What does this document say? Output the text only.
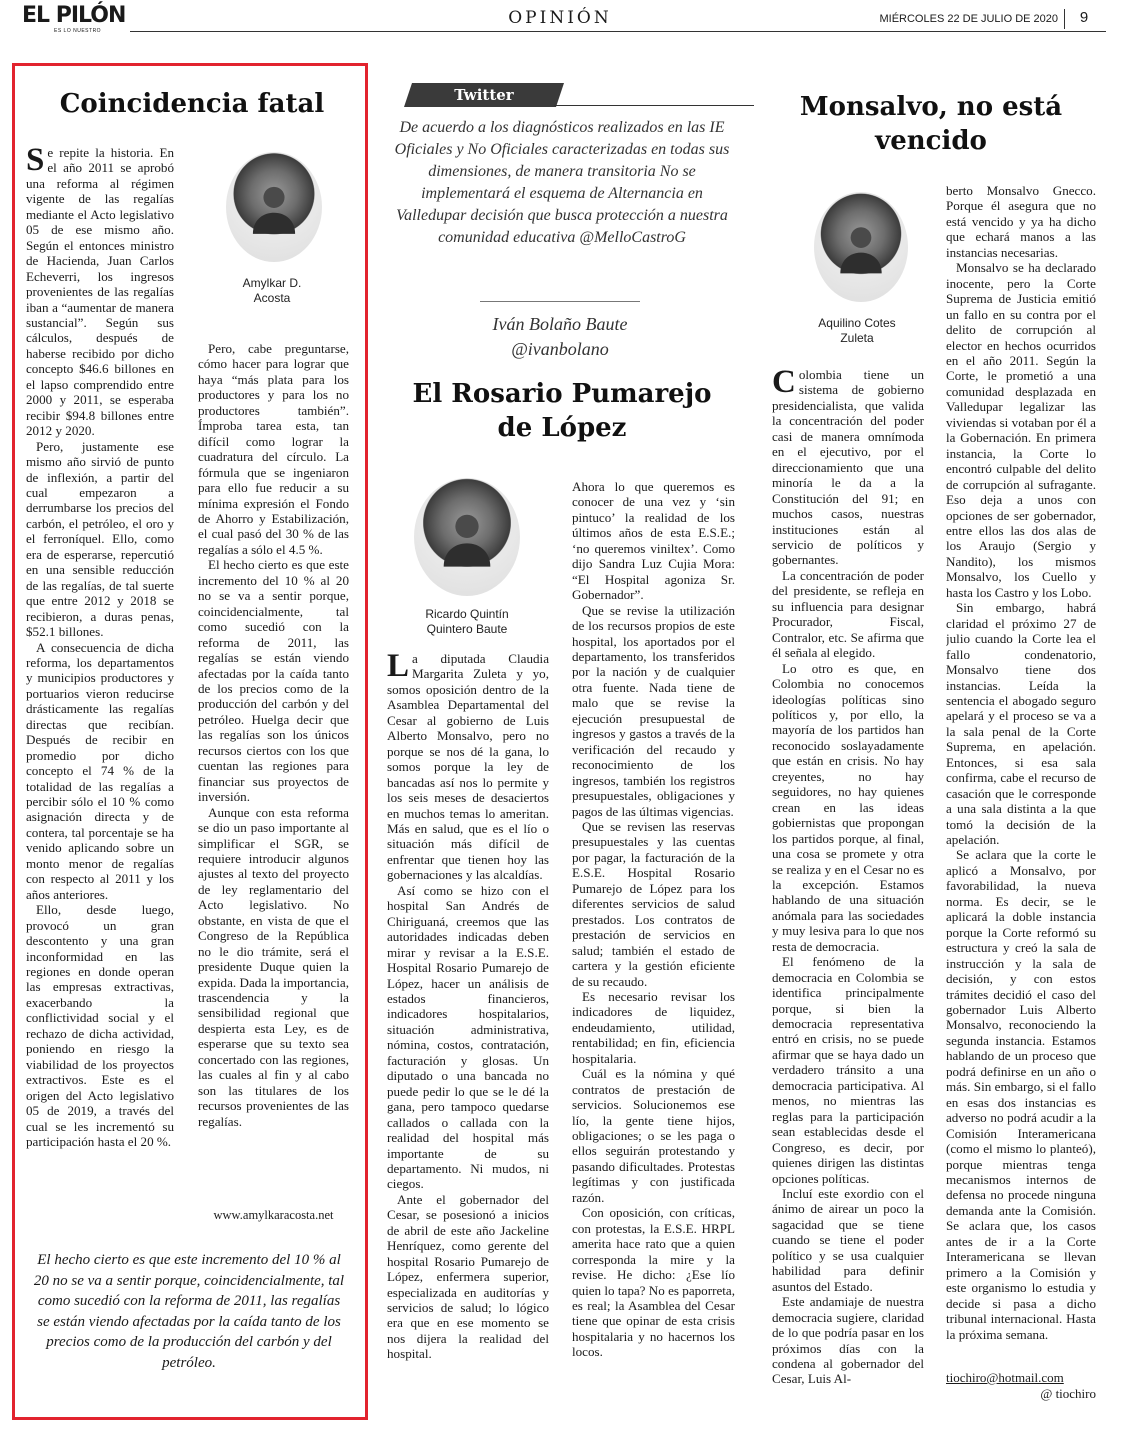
EL PILÓN
ES LO NUESTRO
OPINIÓN	MIÉRCOLES 22 DE JULIO DE 2020	9
Coincidencia fatal
Amylkar D.
Acosta

Se repite la historia. En el año 2011 se aprobó una reforma al régimen vigente de las regalías mediante el Acto legislativo 05 de ese mismo año. Según el entonces ministro de Hacienda, Juan Carlos Echeverri, los ingresos provenientes de las regalías iban a “aumentar de manera sustancial”. Según sus cálculos, después de haberse recibido por dicho concepto $46.6 billones en el lapso comprendido entre 2000 y 2011, se esperaba recibir $94.8 billones entre 2012 y 2020.

Pero, justamente ese mismo año sirvió de punto de inflexión, a partir del cual empezaron a derrumbarse los precios del carbón, el petróleo, el oro y el ferroníquel. Ello, como era de esperarse, repercutió en una sensible reducción de las regalías, de tal suerte que entre 2012 y 2018 se recibieron, a duras penas, $52.1 billones.

A consecuencia de dicha reforma, los departamentos y municipios productores y portuarios vieron reducirse drásticamente las regalías directas que recibían. Después de recibir en promedio por dicho concepto el 74 % de la totalidad de las regalías a percibir sólo el 10 % como asignación directa y de contera, tal porcentaje se ha venido aplicando sobre un monto menor de regalías con respecto al 2011 y los años anteriores.

Ello, desde luego, provocó un gran descontento y una gran inconformidad en las regiones en donde operan las empresas extractivas, exacerbando la conflictividad social y el rechazo de dicha actividad, poniendo en riesgo la viabilidad de los proyectos extractivos. Este es el origen del Acto legislativo 05 de 2019, a través del cual se les incrementó su participación hasta el 20 %.

Pero, cabe preguntarse, cómo hacer para lograr que haya “más plata para los productores y para los no productores también”. Ímproba tarea esta, tan difícil como lograr la cuadratura del círculo. La fórmula que se ingeniaron para ello fue reducir a su mínima expresión el Fondo de Ahorro y Estabilización, el cual pasó del 30 % de las regalías a sólo el 4.5 %.

El hecho cierto es que este incremento del 10 % al 20 no se va a sentir porque, coincidencialmente, tal como sucedió con la reforma de 2011, las regalías se están viendo afectadas por la caída tanto de los precios como de la producción del carbón y del petróleo. Huelga decir que las regalías son los únicos recursos ciertos con los que cuentan las regiones para financiar sus proyectos de inversión.

Aunque con esta reforma se dio un paso importante al simplificar el SGR, se requiere introducir algunos ajustes al texto del proyecto de ley reglamentario del Acto legislativo. No obstante, en vista de que el Congreso de la República no le dio trámite, será el presidente Duque quien la expida. Dada la importancia, trascendencia y la sensibilidad regional que despierta esta Ley, es de esperarse que su texto sea concertado con las regiones, las cuales al fin y al cabo son las titulares de los recursos provenientes de las regalías.

www.amylkaracosta.net
El hecho cierto es que este incremento del 10 % al 20 no se va a sentir porque, coincidencialmente, tal como sucedió con la reforma de 2011, las regalías se están viendo afectadas por la caída tanto de los precios como de la producción del carbón y del petróleo.
Twitter
De acuerdo a los diagnósticos realizados en las IE Oficiales y No Oficiales caracterizadas en todas sus dimensiones, de manera transitoria No se implementará el esquema de Alternancia en Valledupar decisión que busca protección a nuestra comunidad educativa @MelloCastroG
Iván Bolaño Baute
@ivanbolano
El Rosario Pumarejo de López
Ricardo Quintín
Quintero Baute

La diputada Claudia Margarita Zuleta y yo, somos oposición dentro de la Asamblea Departamental del Cesar al gobierno de Luis Alberto Monsalvo, pero no porque se nos dé la gana, lo somos porque la ley de bancadas así nos lo permite y los seis meses de desaciertos en muchos temas lo ameritan. Más en salud, que es el lío o situación más difícil de enfrentar que tienen hoy las gobernaciones y las alcaldías.

Así como se hizo con el hospital San Andrés de Chiriguaná, creemos que las autoridades indicadas deben mirar y revisar a la E.S.E. Hospital Rosario Pumarejo de López, hacer un análisis de estados financieros, indicadores hospitalarios, situación administrativa, nómina, costos, contratación, facturación y glosas. Un diputado o una bancada no puede pedir lo que se le dé la gana, pero tampoco quedarse callados o callada con la realidad del hospital más importante de su departamento. Ni mudos, ni ciegos.

Ante el gobernador del Cesar, se posesionó a inicios de abril de este año Jackeline Henríquez, como gerente del hospital Rosario Pumarejo de López, enfermera superior, especializada en auditorías y servicios de salud; lo lógico era que en ese momento se nos dijera la realidad del hospital.

Ahora lo que queremos es conocer de una vez y ‘sin pintuco’ la realidad de los últimos años de esta E.S.E.; ‘no queremos viniltex’. Como dijo Sandra Luz Cujia Mora: “El Hospital agoniza Sr. Gobernador”.

Que se revise la utilización de los recursos propios de este hospital, los aportados por el departamento, los transferidos por la nación y de cualquier otra fuente. Nada tiene de malo que se revise la ejecución presupuestal de ingresos y gastos a través de la verificación del recaudo y reconocimiento de los ingresos, también los registros presupuestales, obligaciones y pagos de las últimas vigencias.

Que se revisen las reservas presupuestales y las cuentas por pagar, la facturación de la E.S.E. Hospital Rosario Pumarejo de López para los diferentes servicios de salud prestados. Los contratos de prestación de servicios en salud; también el estado de cartera y la gestión eficiente de su recaudo.

Es necesario revisar los indicadores de liquidez, endeudamiento, utilidad, rentabilidad; en fin, eficiencia hospitalaria.

Cuál es la nómina y qué contratos de prestación de servicios. Solucionemos ese lío, la gente tiene hijos, obligaciones; o se les paga o ellos seguirán protestando y pasando dificultades. Protestas legítimas y con justificada razón.

Con oposición, con críticas, con protestas, la E.S.E. HRPL amerita hace rato que a quien corresponda la mire y la revise. He dicho: ¿Ese lío quien lo tapa? No es paporreta, es real; la Asamblea del Cesar tiene que opinar de esta crisis hospitalaria y no hacernos los locos.

Monsalvo, no está vencido
Aquilino Cotes
Zuleta

Colombia tiene un sistema de gobierno presidencialista, que valida la concentración del poder casi de manera omnímoda en el ejecutivo, por el direccionamiento que una minoría le da a la Constitución del 91; en muchos casos, nuestras instituciones están al servicio de políticos y gobernantes.

La concentración de poder del presidente, se refleja en su influencia para designar Procurador, Fiscal, Contralor, etc. Se afirma que él señala al elegido.

Lo otro es que, en Colombia no conocemos ideologías políticas sino políticos y, por ello, la mayoría de los partidos han reconocido soslayadamente que están en crisis. No hay creyentes, no hay seguidores, no hay quienes crean en las ideas gobiernistas que propongan los partidos porque, al final, una cosa se promete y otra se realiza y en el Cesar no es la excepción. Estamos hablando de una situación anómala para las sociedades y muy lesiva para lo que nos resta de democracia.

El fenómeno de la democracia en Colombia se identifica principalmente porque, si bien la democracia representativa entró en crisis, no se puede afirmar que se haya dado un verdadero tránsito a una democracia participativa. Al menos, no mientras las reglas para la participación sean establecidas desde el Congreso, es decir, por quienes dirigen las distintas opciones políticas.

Incluí este exordio con el ánimo de airear un poco la sagacidad que se tiene cuando se tiene el poder político y se usa cualquier habilidad para definir asuntos del Estado.

Este andamiaje de nuestra democracia sugiere, claridad de lo que podría pasar en los próximos días con la condena al gobernador del Cesar, Luis Al-

berto Monsalvo Gnecco. Porque él asegura que no está vencido y ya ha dicho que echará manos a las instancias necesarias.

Monsalvo se ha declarado inocente, pero la Corte Suprema de Justicia emitió un fallo en su contra por el delito de corrupción al elector en hechos ocurridos en el año 2011. Según la Corte, le prometió a una comunidad desplazada en Valledupar legalizar las viviendas si votaban por él a la Gobernación. En primera instancia, la Corte lo encontró culpable del delito de corrupción al sufragante. Eso deja a unos con opciones de ser gobernador, entre ellos las dos alas de los Araujo (Sergio y Nandito), los mismos Monsalvo, los Cuello y hasta los Castro y los Lobo.

Sin embargo, habrá claridad el próximo 27 de julio cuando la Corte lea el fallo condenatorio, Monsalvo tiene dos instancias. Leída la sentencia el abogado seguro apelará y el proceso se va a la sala penal de la Corte Suprema, en apelación. Entonces, si esa sala confirma, cabe el recurso de casación que le corresponde a una sala distinta a la que tomó la decisión de la apelación.

Se aclara que la corte le aplicó a Monsalvo, por favorabilidad, la nueva norma. Es decir, se le aplicará la doble instancia porque la Corte reformó su estructura y creó la sala de instrucción y la sala de decisión, y con estos trámites decidió el caso del gobernador Luis Alberto Monsalvo, reconociendo la segunda instancia. Estamos hablando de un proceso que podrá definirse en un año o más. Sin embargo, si el fallo en esas dos instancias es adverso no podrá acudir a la Comisión Interamericana (como el mismo lo planteó), porque mientras tenga mecanismos internos de defensa no procede ninguna demanda ante la Comisión. Se aclara que, los casos antes de ir a la Corte Interamericana se llevan primero a la Comisión y este organismo lo estudia y decide si pasa a dicho tribunal internacional. Hasta la próxima semana.

tiochiro@hotmail.com
@ tiochiro
